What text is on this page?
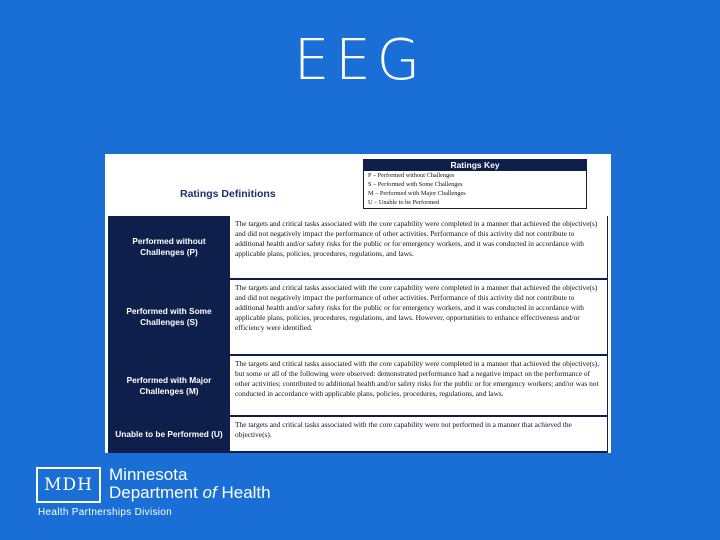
EEG
Ratings Definitions
Ratings Key
P – Performed without Challenges
S – Performed with Some Challenges
M – Performed with Major Challenges
U – Unable to be Performed
Performed without Challenges (P)
The targets and critical tasks associated with the core capability were completed in a manner that achieved the objective(s) and did not negatively impact the performance of other activities. Performance of this activity did not contribute to additional health and/or safety risks for the public or for emergency workers, and it was conducted in accordance with applicable plans, policies, procedures, regulations, and laws.
Performed with Some Challenges (S)
The targets and critical tasks associated with the core capability were completed in a manner that achieved the objective(s) and did not negatively impact the performance of other activities. Performance of this activity did not contribute to additional health and/or safety risks for the public or for emergency workers, and it was conducted in accordance with applicable plans, policies, procedures, regulations, and laws. However, opportunities to enhance effectiveness and/or efficiency were identified.
Performed with Major Challenges (M)
The targets and critical tasks associated with the core capability were completed in a manner that achieved the objective(s), but some or all of the following were observed: demonstrated performance had a negative impact on the performance of other activities; contributed to additional health and/or safety risks for the public or for emergency workers; and/or was not conducted in accordance with applicable plans, policies, procedures, regulations, and laws.
Unable to be Performed (U)
The targets and critical tasks associated with the core capability were not performed in a manner that achieved the objective(s).
MDH
Minnesota
Department of Health
Health Partnerships Division
